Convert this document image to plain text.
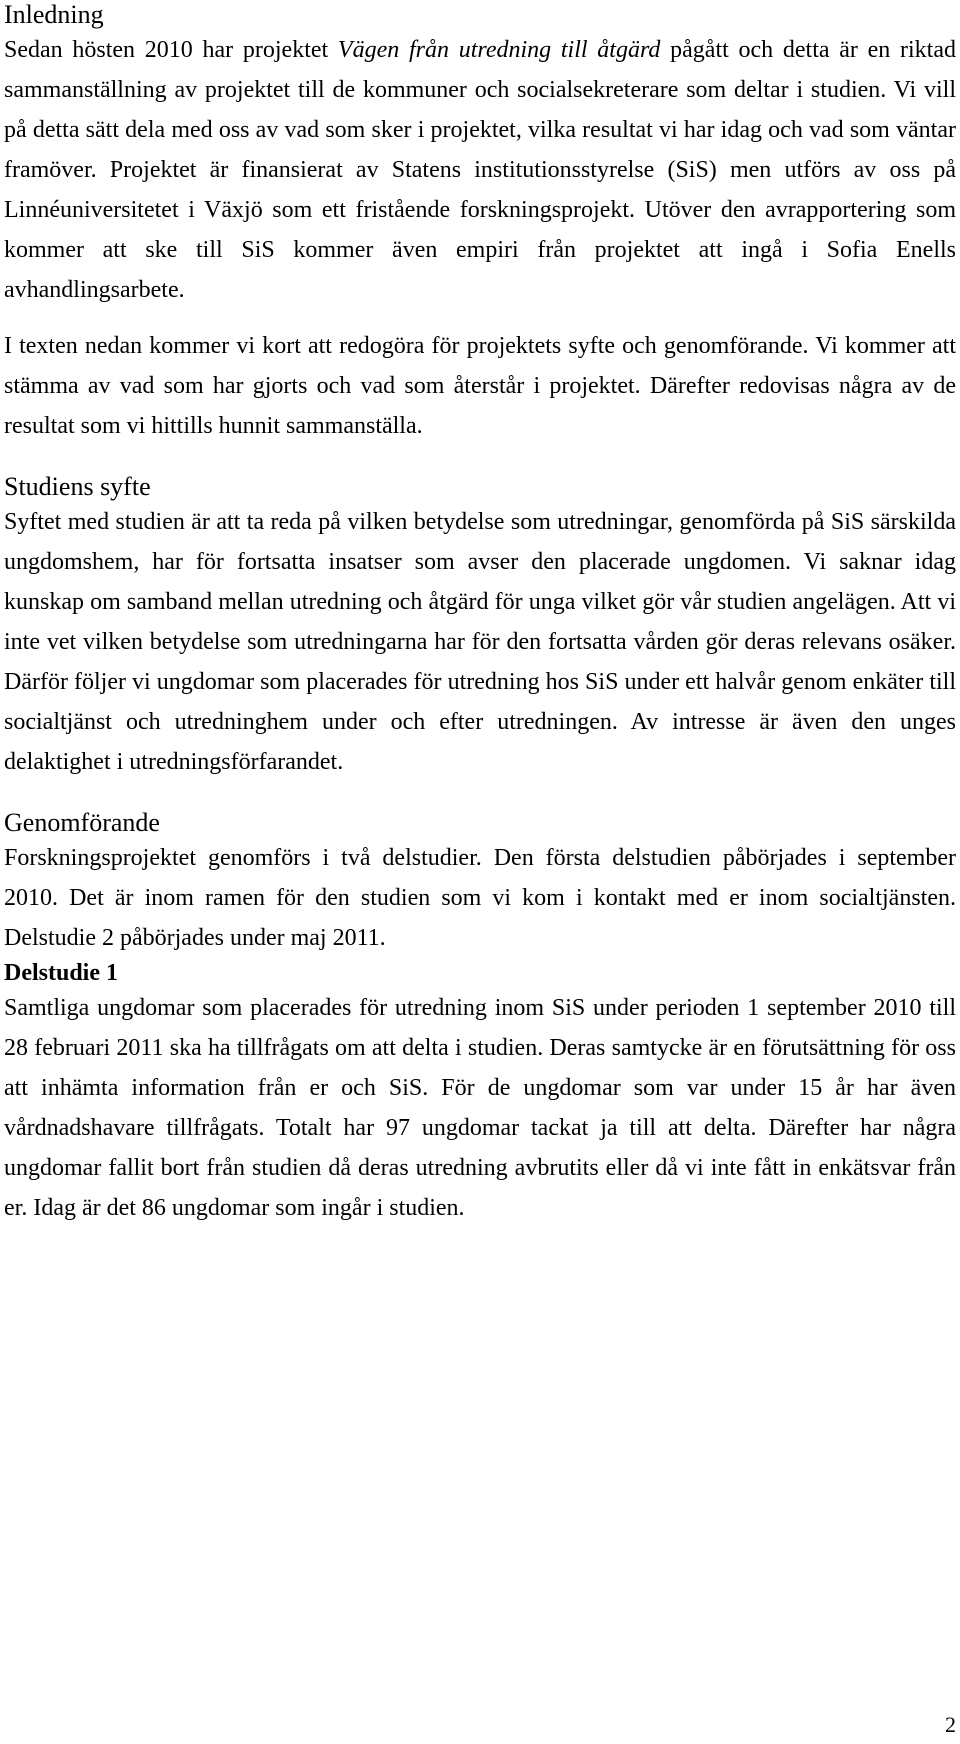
Inledning

Sedan hösten 2010 har projektet Vägen från utredning till åtgärd pågått och detta är en riktad sammanställning av projektet till de kommuner och socialsekreterare som deltar i studien. Vi vill på detta sätt dela med oss av vad som sker i projektet, vilka resultat vi har idag och vad som väntar framöver. Projektet är finansierat av Statens institutionsstyrelse (SiS) men utförs av oss på Linnéuniversitetet i Växjö som ett fristående forskningsprojekt. Utöver den avrapportering som kommer att ske till SiS kommer även empiri från projektet att ingå i Sofia Enells avhandlingsarbete.

I texten nedan kommer vi kort att redogöra för projektets syfte och genomförande. Vi kommer att stämma av vad som har gjorts och vad som återstår i projektet. Därefter redovisas några av de resultat som vi hittills hunnit sammanställa.

Studiens syfte

Syftet med studien är att ta reda på vilken betydelse som utredningar, genomförda på SiS särskilda ungdomshem, har för fortsatta insatser som avser den placerade ungdomen. Vi saknar idag kunskap om samband mellan utredning och åtgärd för unga vilket gör vår studien angelägen. Att vi inte vet vilken betydelse som utredningarna har för den fortsatta vården gör deras relevans osäker. Därför följer vi ungdomar som placerades för utredning hos SiS under ett halvår genom enkäter till socialtjänst och utredninghem under och efter utredningen. Av intresse är även den unges delaktighet i utredningsförfarandet.

Genomförande

Forskningsprojektet genomförs i två delstudier. Den första delstudien påbörjades i september 2010. Det är inom ramen för den studien som vi kom i kontakt med er inom socialtjänsten. Delstudie 2 påbörjades under maj 2011.

Delstudie 1

Samtliga ungdomar som placerades för utredning inom SiS under perioden 1 september 2010 till 28 februari 2011 ska ha tillfrågats om att delta i studien. Deras samtycke är en förutsättning för oss att inhämta information från er och SiS. För de ungdomar som var under 15 år har även vårdnadshavare tillfrågats. Totalt har 97 ungdomar tackat ja till att delta. Därefter har några ungdomar fallit bort från studien då deras utredning avbrutits eller då vi inte fått in enkätsvar från er. Idag är det 86 ungdomar som ingår i studien.

2
